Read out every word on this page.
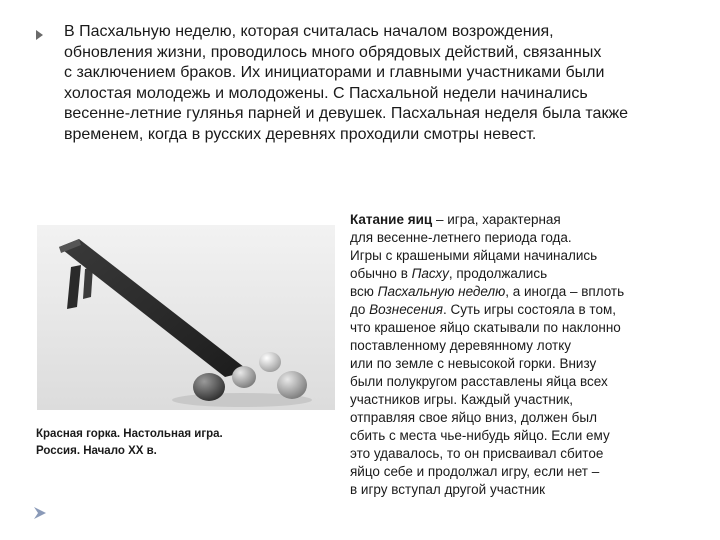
В Пасхальную неделю, которая считалась началом возрождения,
обновления жизни, проводилось много обрядовых действий, связанных
с заключением браков. Их инициаторами и главными участниками были
холостая молодежь и молодожены. С Пасхальной недели начинались
весенне-летние гулянья парней и девушек. Пасхальная неделя была также
временем, когда в русских деревнях проходили смотры невест.
Красная горка. Настольная игра.
Россия. Начало XX в.
Катание яиц – игра, характерная
для весенне-летнего периода года.
Игры с крашеными яйцами начинались
обычно в Пасху, продолжались
всю Пасхальную неделю, а иногда – вплоть
до Вознесения. Суть игры состояла в том,
что крашеное яйцо скатывали по наклонно
поставленному деревянному лотку
или по земле с невысокой горки. Внизу
были полукругом расставлены яйца всех
участников игры. Каждый участник,
отправляя свое яйцо вниз, должен был
сбить с места чье-нибудь яйцо. Если ему
это удавалось, то он присваивал сбитое
яйцо себе и продолжал игру, если нет –
в игру вступал другой участник
